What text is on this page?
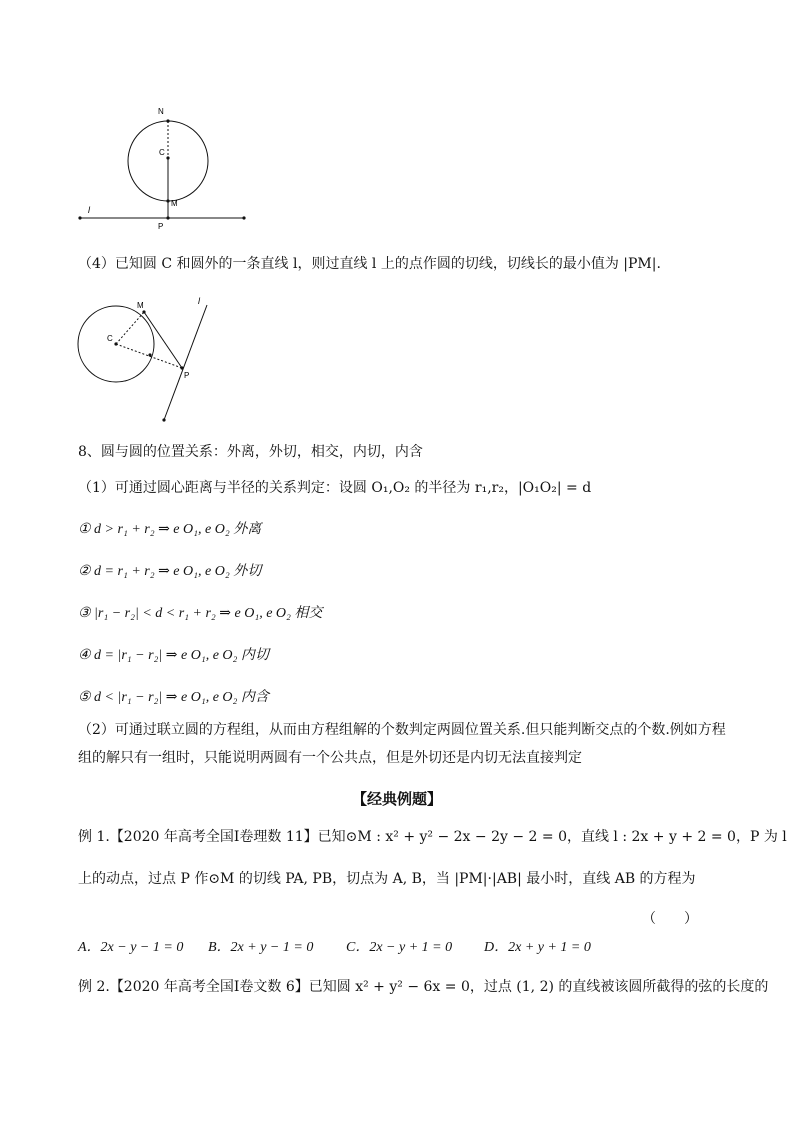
N
C
M
P
l
（4）已知圆 C 和圆外的一条直线 l，则过直线 l 上的点作圆的切线，切线长的最小值为 |PM|.
M
C
P
l
8、圆与圆的位置关系：外离，外切，相交，内切，内含
（1）可通过圆心距离与半径的关系判定：设圆 O₁,O₂ 的半径为 r₁,r₂，|O₁O₂| = d
① d > r₁ + r₂ ⇒ e O₁, e O₂ 外离
② d = r₁ + r₂ ⇒ e O₁, e O₂ 外切
③ |r₁ − r₂| < d < r₁ + r₂ ⇒ e O₁, e O₂ 相交
④ d = |r₁ − r₂| ⇒ e O₁, e O₂ 内切
⑤ d < |r₁ − r₂| ⇒ e O₁, e O₂ 内含
（2）可通过联立圆的方程组，从而由方程组解的个数判定两圆位置关系.但只能判断交点的个数.例如方程
组的解只有一组时，只能说明两圆有一个公共点，但是外切还是内切无法直接判定
【经典例题】
例 1.【2020 年高考全国Ⅰ卷理数 11】已知⊙M : x² + y² − 2x − 2y − 2 = 0，直线 l : 2x + y + 2 = 0，P 为 l
上的动点，过点 P 作⊙M 的切线 PA, PB，切点为 A, B，当 |PM|·|AB| 最小时，直线 AB 的方程为
（　　）
A．2x − y − 1 = 0 B．2x + y − 1 = 0 C．2x − y + 1 = 0 D．2x + y + 1 = 0
例 2.【2020 年高考全国Ⅰ卷文数 6】已知圆 x² + y² − 6x = 0，过点 (1, 2) 的直线被该圆所截得的弦的长度的
